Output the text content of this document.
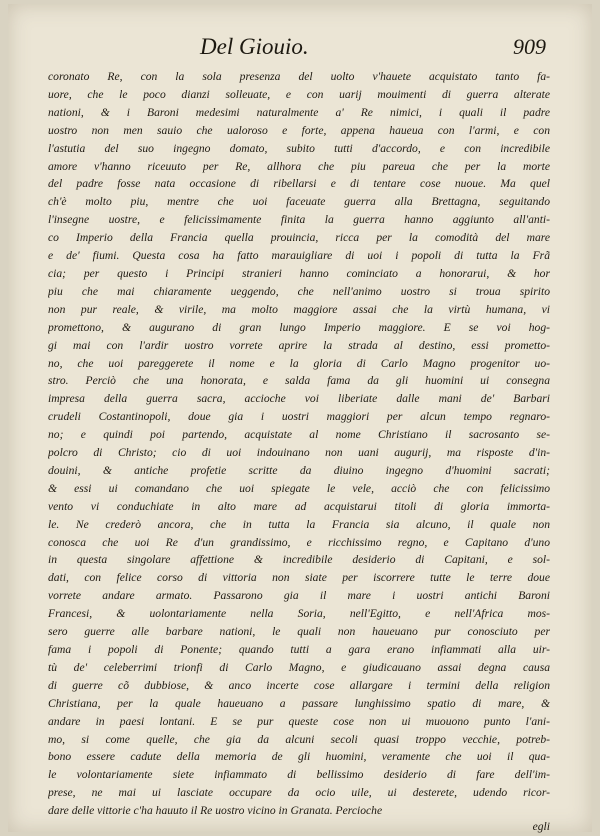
Del Giouio.	909
coronato Re, con la sola presenza del uolto v'hauete acquistato tanto fa-
uore, che le poco dianzi solleuate, e con uarij mouimenti di guerra alterate
nationi, & i Baroni medesimi naturalmente a' Re nimici, i quali il padre
uostro non men sauio che ualoroso e forte, appena haueua con l'armi, e con
l'astutia del suo ingegno domato, subito tutti d'accordo, e con incredibile
amore v'hanno riceuuto per Re, allhora che piu pareua che per la morte
del padre fosse nata occasione di ribellarsi e di tentare cose nuoue. Ma quel
ch'è molto piu, mentre che uoi faceuate guerra alla Brettagna, seguitando
l'insegne uostre, e felicissimamente finita la guerra hanno aggiunto all'anti-
co Imperio della Francia quella prouincia, ricca per la comodità del mare
e de' fiumi. Questa cosa ha fatto marauigliare di uoi i popoli di tutta la Frã
cia; per questo i Principi stranieri hanno cominciato a honorarui, & hor
piu che mai chiaramente ueggendo, che nell'animo uostro si troua spirito
non pur reale, & virile, ma molto maggiore assai che la virtù humana, vi
promettono, & augurano di gran lungo Imperio maggiore. E se voi hog-
gi mai con l'ardir uostro vorrete aprire la strada al destino, essi prometto-
no, che uoi pareggerete il nome e la gloria di Carlo Magno progenitor uo-
stro. Perciò che una honorata, e salda fama da gli huomini ui consegna
impresa della guerra sacra, accioche voi liberiate dalle mani de' Barbari
crudeli Costantinopoli, doue gia i uostri maggiori per alcun tempo regnaro-
no; e quindi poi partendo, acquistate al nome Christiano il sacrosanto se-
polcro di Christo; cio di uoi indouinano non uani augurij, ma risposte d'in-
douini, & antiche profetie scritte da diuino ingegno d'huomini sacrati;
& essi ui comandano che uoi spiegate le vele, acciò che con felicissimo
vento vi conduchiate in alto mare ad acquistarui titoli di gloria immorta-
le. Ne crederò ancora, che in tutta la Francia sia alcuno, il quale non
conosca che uoi Re d'un grandissimo, e ricchissimo regno, e Capitano d'uno
in questa singolare affettione & incredibile desiderio di Capitani, e sol-
dati, con felice corso di vittoria non siate per iscorrere tutte le terre doue
vorrete andare armato. Passarono gia il mare i uostri antichi Baroni
Francesi, & uolontariamente nella Soria, nell'Egitto, e nell'Africa mos-
sero guerre alle barbare nationi, le quali non haueuano pur conosciuto per
fama i popoli di Ponente; quando tutti a gara erano infiammati alla uir-
tù de' celeberrimi trionfi di Carlo Magno, e giudicauano assai degna causa
di guerre cõ dubbiose, & anco incerte cose allargare i termini della religion
Christiana, per la quale haueuano a passare lunghissimo spatio di mare, &
andare in paesi lontani. E se pur queste cose non ui muouono punto l'ani-
mo, si come quelle, che gia da alcuni secoli quasi troppo vecchie, potreb-
bono essere cadute della memoria de gli huomini, veramente che uoi il qua-
le volontariamente siete infiammato di bellissimo desiderio di fare dell'im-
prese, ne mai ui lasciate occupare da ocio uile, ui desterete, udendo ricor-
dare delle vittorie c'ha hauuto il Re uostro vicino in Granata. Percioche
egli
